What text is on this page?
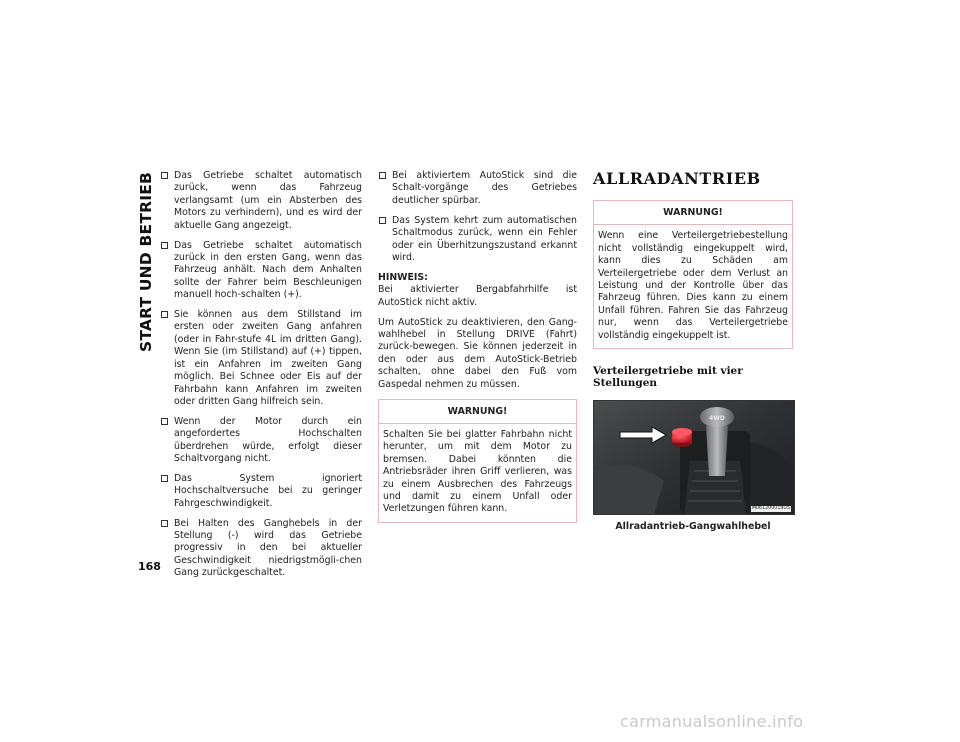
START UND BETRIEB
168
Das Getriebe schaltet automatisch zurück, wenn das Fahrzeug verlangsamt (um ein Absterben des Motors zu verhindern), und es wird der aktuelle Gang angezeigt.
Das Getriebe schaltet automatisch zurück in den ersten Gang, wenn das Fahrzeug anhält. Nach dem Anhalten sollte der Fahrer beim Beschleunigen manuell hoch-schalten (+).
Sie können aus dem Stillstand im ersten oder zweiten Gang anfahren (oder in Fahr-stufe 4L im dritten Gang). Wenn Sie (im Stillstand) auf (+) tippen, ist ein Anfahren im zweiten Gang möglich. Bei Schnee oder Eis auf der Fahrbahn kann Anfahren im zweiten oder dritten Gang hilfreich sein.
Wenn der Motor durch ein angefordertes Hochschalten überdrehen würde, erfolgt dieser Schaltvorgang nicht.
Das System ignoriert Hochschaltversuche bei zu geringer Fahrgeschwindigkeit.
Bei Halten des Ganghebels in der Stellung (-) wird das Getriebe progressiv in den bei aktueller Geschwindigkeit niedrigstmögli-chen Gang zurückgeschaltet.
Bei aktiviertem AutoStick sind die Schalt-vorgänge des Getriebes deutlicher spürbar.
Das System kehrt zum automatischen Schaltmodus zurück, wenn ein Fehler oder ein Überhitzungszustand erkannt wird.

HINWEIS:
Bei aktivierter Bergabfahrhilfe ist AutoStick nicht aktiv.

Um AutoStick zu deaktivieren, den Gang-wahlhebel in Stellung DRIVE (Fahrt) zurück-bewegen. Sie können jederzeit in den oder aus dem AutoStick-Betrieb schalten, ohne dabei den Fuß vom Gaspedal nehmen zu müssen.

WARNUNG!
Schalten Sie bei glatter Fahrbahn nicht herunter, um mit dem Motor zu bremsen. Dabei könnten die Antriebsräder ihren Griff verlieren, was zu einem Ausbrechen des Fahrzeugs und damit zu einem Unfall oder Verletzungen führen kann.
ALLRADANTRIEB
WARNUNG!
Wenn eine Verteilergetriebestellung nicht vollständig eingekuppelt wird, kann dies zu Schäden am Verteilergetriebe oder dem Verlust an Leistung und der Kontrolle über das Fahrzeug führen. Dies kann zu einem Unfall führen. Fahren Sie das Fahrzeug nur, wenn das Verteilergetriebe vollständig eingekuppelt ist.
Verteilergetriebe mit vier Stellungen
4WD
M061200019US
Allradantrieb-Gangwahlhebel
carmanualsonline.info
